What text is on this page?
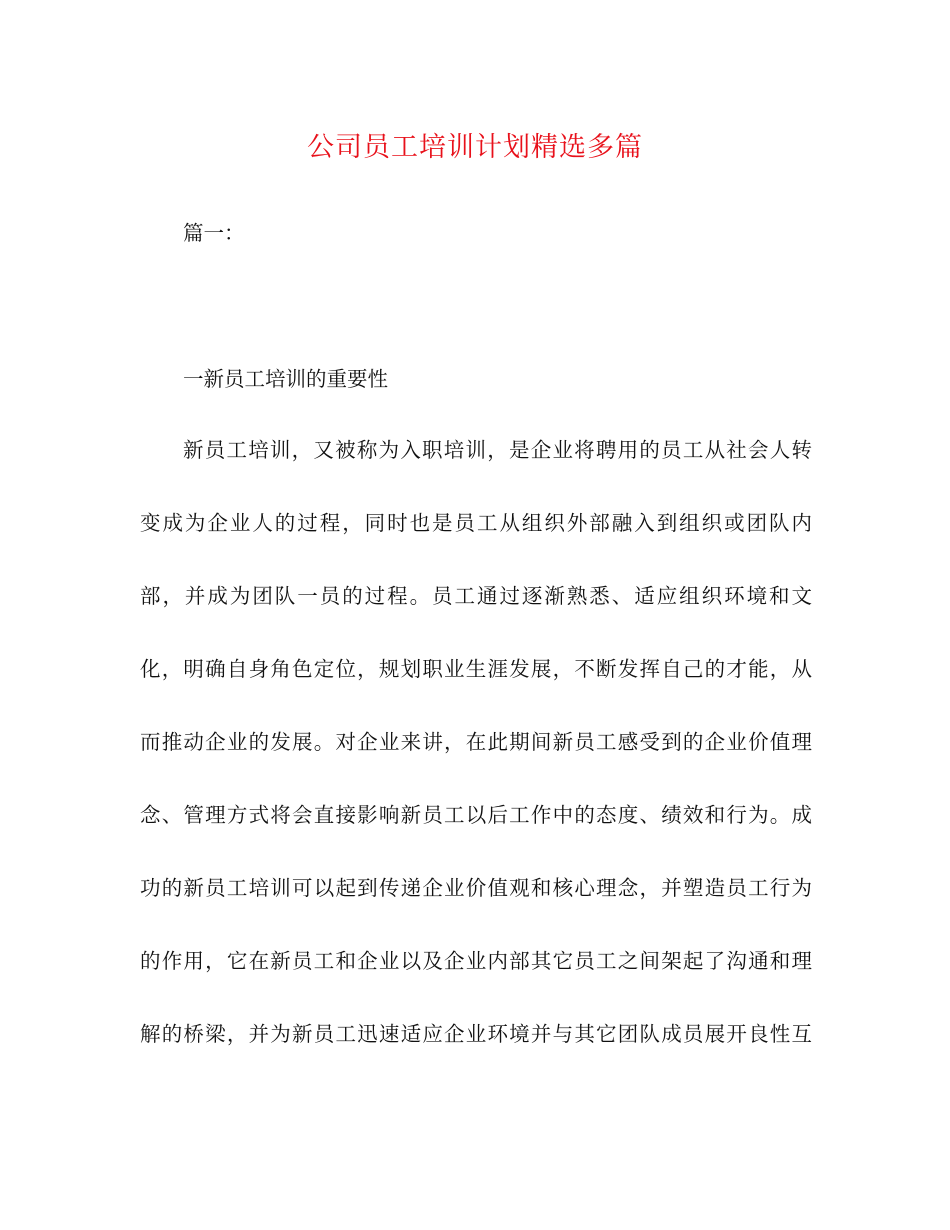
公司员工培训计划精选多篇

篇一：

一新员工培训的重要性

新员工培训，又被称为入职培训，是企业将聘用的员工从社会人转

变成为企业人的过程，同时也是员工从组织外部融入到组织或团队内

部，并成为团队一员的过程。员工通过逐渐熟悉、适应组织环境和文

化，明确自身角色定位，规划职业生涯发展，不断发挥自己的才能，从

而推动企业的发展。对企业来讲，在此期间新员工感受到的企业价值理

念、管理方式将会直接影响新员工以后工作中的态度、绩效和行为。成

功的新员工培训可以起到传递企业价值观和核心理念，并塑造员工行为

的作用，它在新员工和企业以及企业内部其它员工之间架起了沟通和理

解的桥梁，并为新员工迅速适应企业环境并与其它团队成员展开良性互
